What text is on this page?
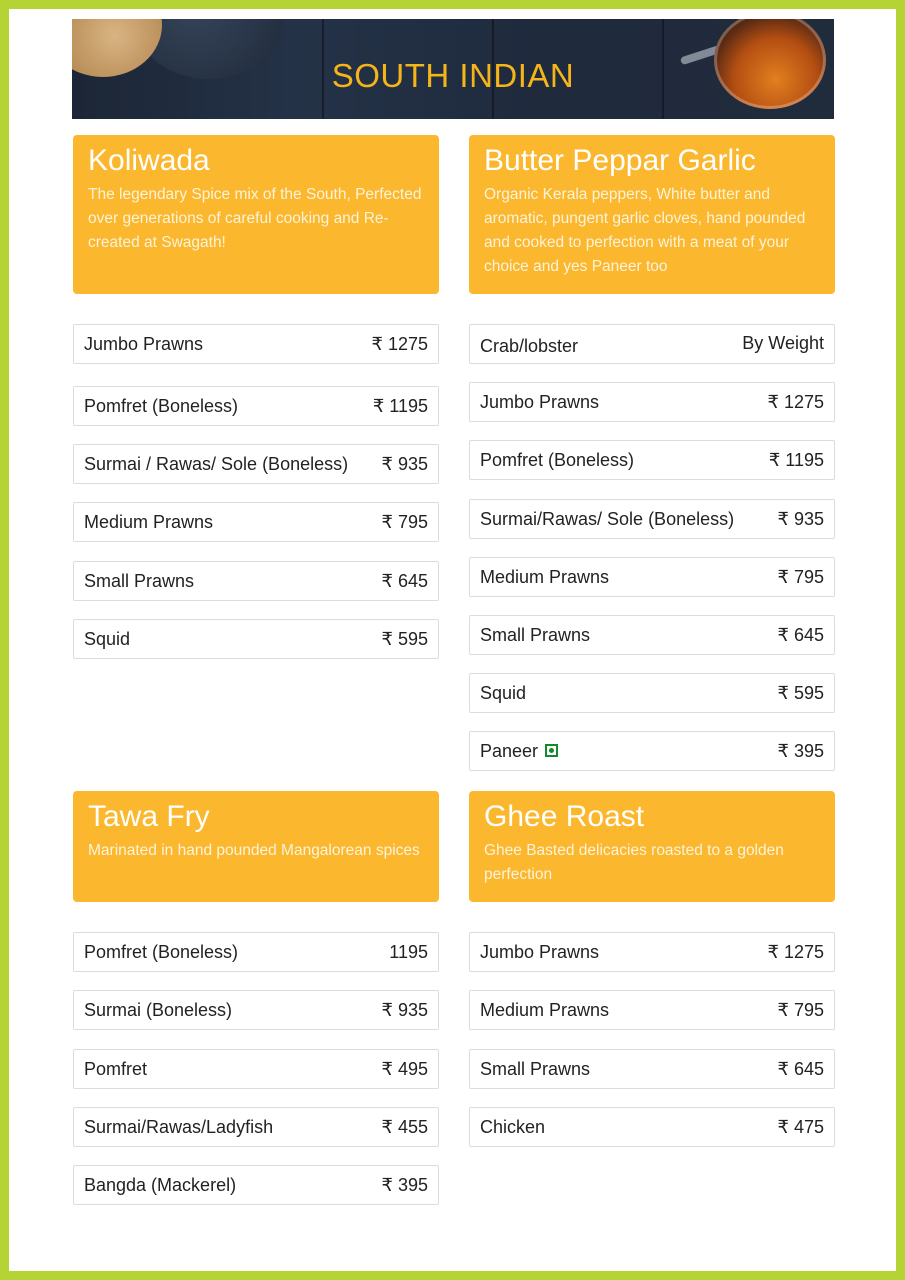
SOUTH INDIAN
Koliwada

The legendary Spice mix of the South, Perfected over generations of careful cooking and Re-created at Swagath!

Butter Peppar Garlic

Organic Kerala peppers, White butter and aromatic, pungent garlic cloves, hand pounded and cooked to perfection with a meat of your choice and yes Paneer too

Jumbo Prawns	₹ 1275
Pomfret (Boneless)	₹ 1195
Surmai / Rawas/ Sole (Boneless) ₹ 935
Medium Prawns	₹ 795
Small Prawns	₹ 645
Squid	₹ 595
Crab/lobster	By Weight
Jumbo Prawns	₹ 1275
Pomfret (Boneless)	₹ 1195
Surmai/Rawas/ Sole (Boneless) ₹ 935
Medium Prawns	₹ 795
Small Prawns	₹ 645
Squid	₹ 595
Paneer	₹ 395
Tawa Fry

Marinated in hand pounded Mangalorean spices

Ghee Roast

Ghee Basted delicacies roasted to a golden perfection

Pomfret (Boneless)	1195
Surmai (Boneless)	₹ 935
Pomfret	₹ 495
Surmai/Rawas/Ladyfish	₹ 455
Bangda (Mackerel)	₹ 395
Jumbo Prawns	₹ 1275
Medium Prawns	₹ 795
Small Prawns	₹ 645
Chicken	₹ 475
